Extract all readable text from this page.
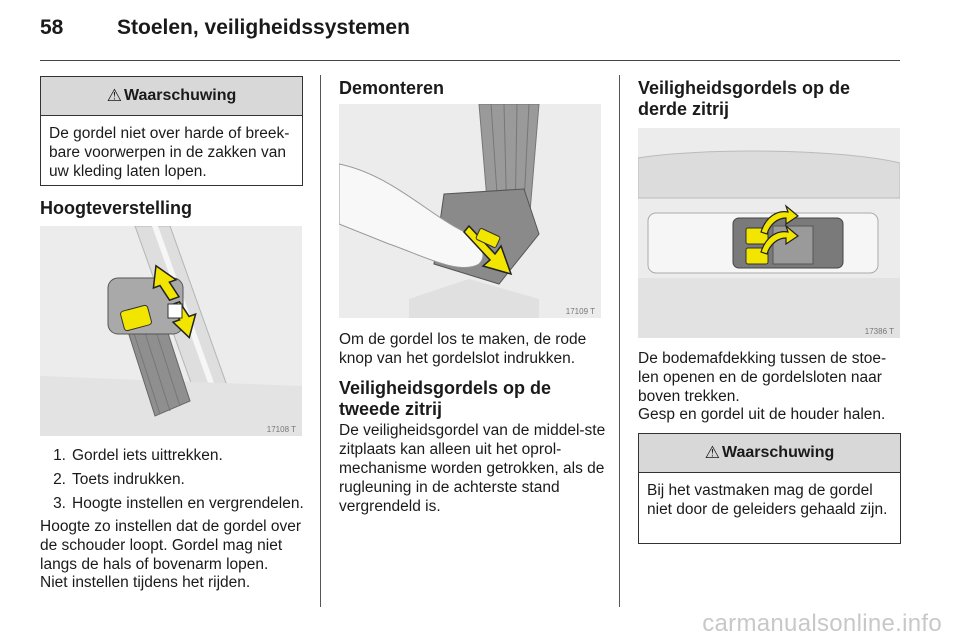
58	Stoelen, veiligheidssystemen
⚠ Waarschuwing
De gordel niet over harde of breek-bare voorwerpen in de zakken van uw kleding laten lopen.
Hoogteverstelling
17108 T
1. Gordel iets uittrekken.
2. Toets indrukken.
3. Hoogte instellen en vergrendelen.
Hoogte zo instellen dat de gordel over de schouder loopt. Gordel mag niet langs de hals of bovenarm lopen.
Niet instellen tijdens het rijden.
Demonteren
17109 T
Om de gordel los te maken, de rode knop van het gordelslot indrukken.
Veiligheidsgordels op de tweede zitrij
De veiligheidsgordel van de middel-ste zitplaats kan alleen uit het oprol-mechanisme worden getrokken, als de rugleuning in de achterste stand vergrendeld is.
Veiligheidsgordels op de derde zitrij
17386 T
De bodemafdekking tussen de stoe-len openen en de gordelsloten naar boven trekken.
Gesp en gordel uit de houder halen.
⚠ Waarschuwing
Bij het vastmaken mag de gordel niet door de geleiders gehaald zijn.
carmanualsonline.info
